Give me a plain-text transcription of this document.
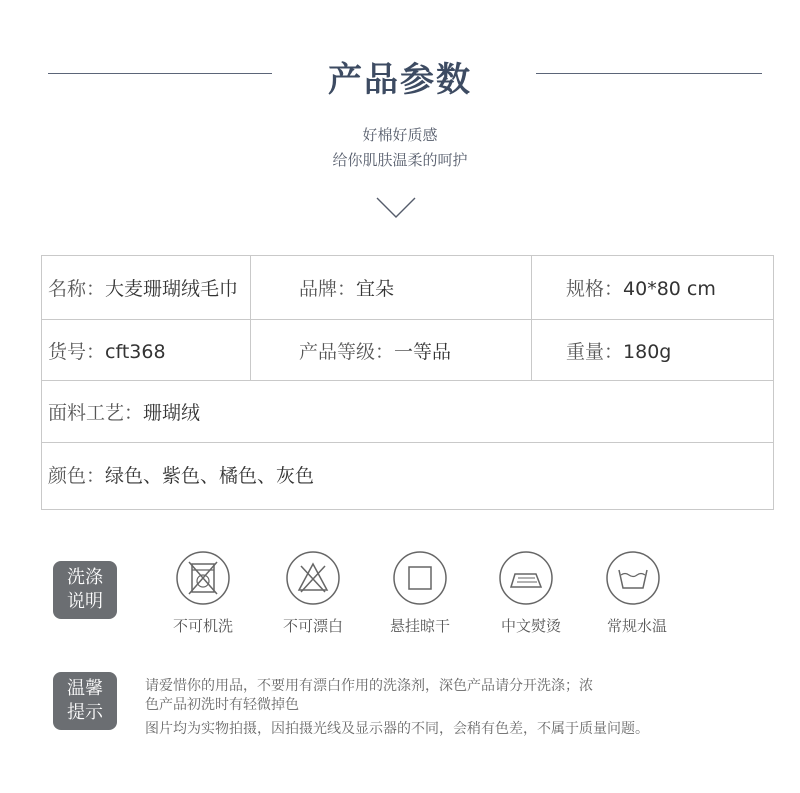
产品参数
好棉好质感
给你肌肤温柔的呵护
名称：大麦珊瑚绒毛巾	品牌：宜朵	规格：40*80 cm
货号：cft368	产品等级：一等品	重量：180g
面料工艺：珊瑚绒		
颜色：绿色、紫色、橘色、灰色		
洗涤
说明
不可机洗	不可漂白	悬挂晾干	中文熨烫	常规水温
温馨
提示
请爱惜你的用品，不要用有漂白作用的洗涤剂，深色产品请分开洗涤；浓
色产品初洗时有轻微掉色
图片均为实物拍摄，因拍摄光线及显示器的不同，会稍有色差，不属于质量问题。
